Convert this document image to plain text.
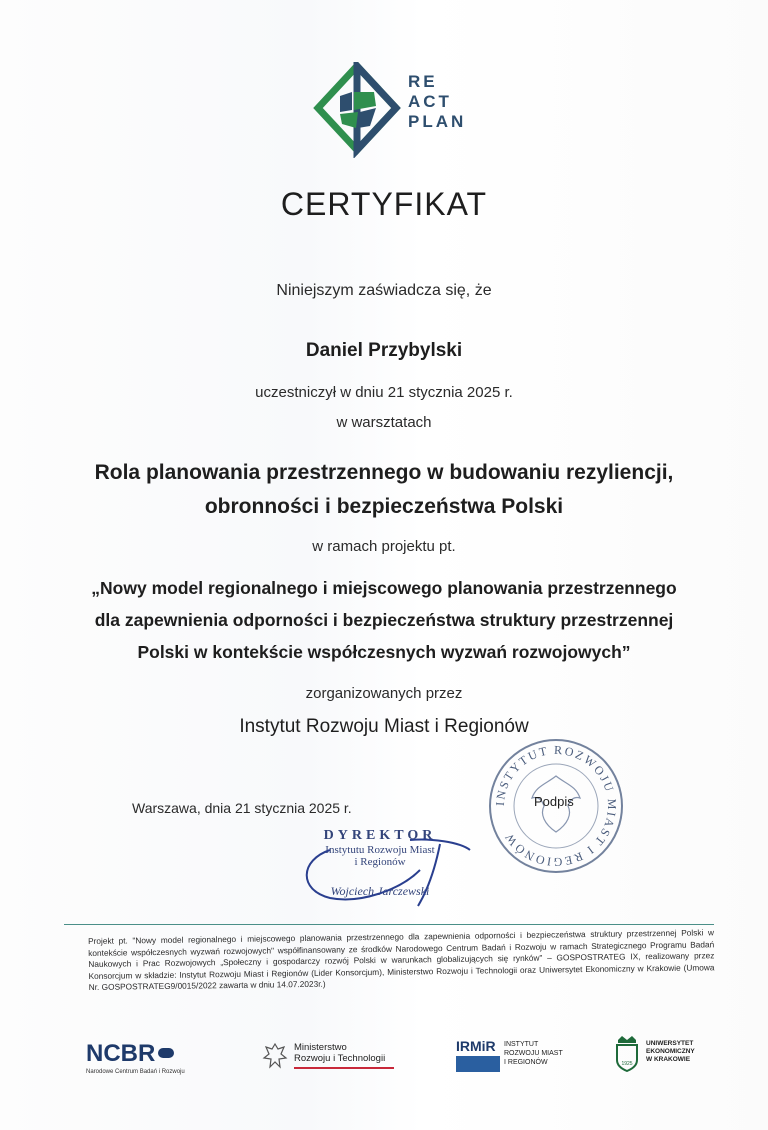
RE
ACT
PLAN
CERTYFIKAT
Niniejszym zaświadcza się, że
Daniel Przybylski
uczestniczył w dniu 21 stycznia 2025 r.
w warsztatach
Rola planowania przestrzennego w budowaniu rezyliencji,
obronności i bezpieczeństwa Polski
w ramach projektu pt.
„Nowy model regionalnego i miejscowego planowania przestrzennego
dla zapewnienia odporności i bezpieczeństwa struktury przestrzennej
Polski w kontekście współczesnych wyzwań rozwojowych”
zorganizowanych przez
Instytut Rozwoju Miast i Regionów
Warszawa, dnia 21 stycznia 2025 r.	INSTYTUT ROZWOJU MIAST I REGIONÓW
Podpis
DYREKTOR
Instytutu Rozwoju Miast
i Regionów
Wojciech Jarczewski
Projekt pt. "Nowy model regionalnego i miejscowego planowania przestrzennego dla zapewnienia odporności i bezpieczeństwa struktury przestrzennej Polski w kontekście współczesnych wyzwań rozwojowych" współfinansowany ze środków Narodowego Centrum Badań i Rozwoju w ramach Strategicznego Programu Badań Naukowych i Prac Rozwojowych „Społeczny i gospodarczy rozwój Polski w warunkach globalizujących się rynków” – GOSPOSTRATEG IX, realizowany przez Konsorcjum w składzie: Instytut Rozwoju Miast i Regionów (Lider Konsorcjum), Ministerstwo Rozwoju i Technologii oraz Uniwersytet Ekonomiczny w Krakowie (Umowa Nr. GOSPOSTRATEG9/0015/2022 zawarta w dniu 14.07.2023r.)
NCBR
Narodowe Centrum Badań i Rozwoju
Ministerstwo
Rozwoju i Technologii
IRMiR INSTYTUT
ROZWOJU MIAST
I REGIONÓW	1925
UNIWERSYTET
EKONOMICZNY
W KRAKOWIE
